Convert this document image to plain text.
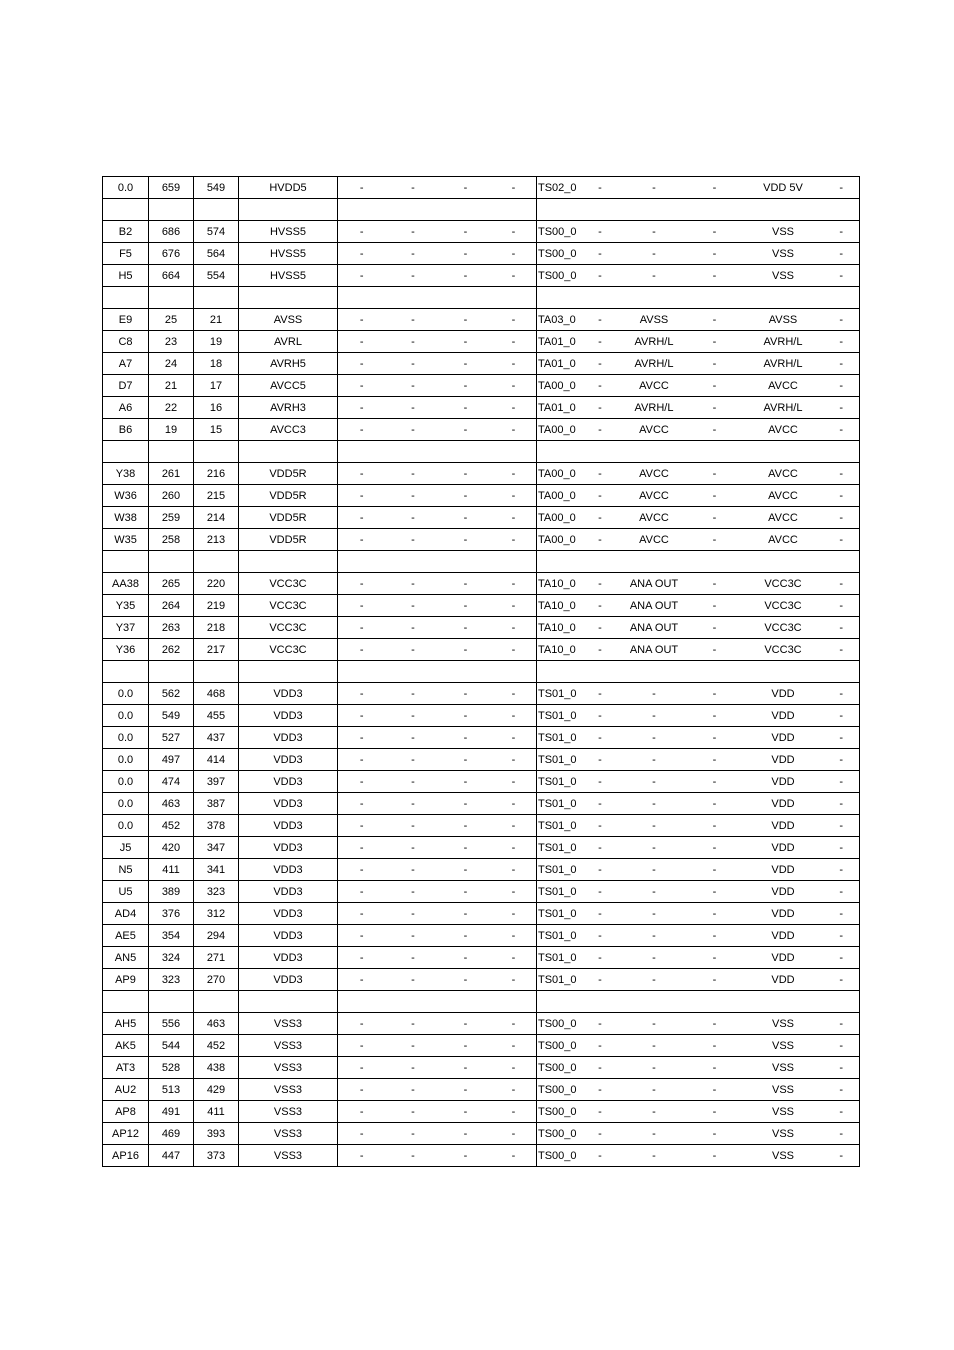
0.0	659	549	HVDD5	-	-	-	-		TS02_0	-	-	-	VDD 5V	-

B2	686	574	HVSS5	-	-	-	-		TS00_0	-	-	-	VSS	-
F5	676	564	HVSS5	-	-	-	-		TS00_0	-	-	-	VSS	-
H5	664	554	HVSS5	-	-	-	-		TS00_0	-	-	-	VSS	-

E9	25	21	AVSS	-	-	-	-		TA03_0	-	AVSS	-	AVSS	-
C8	23	19	AVRL	-	-	-	-		TA01_0	-	AVRH/L	-	AVRH/L	-
A7	24	18	AVRH5	-	-	-	-		TA01_0	-	AVRH/L	-	AVRH/L	-
D7	21	17	AVCC5	-	-	-	-		TA00_0	-	AVCC	-	AVCC	-
A6	22	16	AVRH3	-	-	-	-		TA01_0	-	AVRH/L	-	AVRH/L	-
B6	19	15	AVCC3	-	-	-	-		TA00_0	-	AVCC	-	AVCC	-

Y38	261	216	VDD5R	-	-	-	-		TA00_0	-	AVCC	-	AVCC	-
W36	260	215	VDD5R	-	-	-	-		TA00_0	-	AVCC	-	AVCC	-
W38	259	214	VDD5R	-	-	-	-		TA00_0	-	AVCC	-	AVCC	-
W35	258	213	VDD5R	-	-	-	-		TA00_0	-	AVCC	-	AVCC	-

AA38	265	220	VCC3C	-	-	-	-		TA10_0	-	ANA OUT	-	VCC3C	-
Y35	264	219	VCC3C	-	-	-	-		TA10_0	-	ANA OUT	-	VCC3C	-
Y37	263	218	VCC3C	-	-	-	-		TA10_0	-	ANA OUT	-	VCC3C	-
Y36	262	217	VCC3C	-	-	-	-		TA10_0	-	ANA OUT	-	VCC3C	-

0.0	562	468	VDD3	-	-	-	-		TS01_0	-	-	-	VDD	-
0.0	549	455	VDD3	-	-	-	-		TS01_0	-	-	-	VDD	-
0.0	527	437	VDD3	-	-	-	-		TS01_0	-	-	-	VDD	-
0.0	497	414	VDD3	-	-	-	-		TS01_0	-	-	-	VDD	-
0.0	474	397	VDD3	-	-	-	-		TS01_0	-	-	-	VDD	-
0.0	463	387	VDD3	-	-	-	-		TS01_0	-	-	-	VDD	-
0.0	452	378	VDD3	-	-	-	-		TS01_0	-	-	-	VDD	-
J5	420	347	VDD3	-	-	-	-		TS01_0	-	-	-	VDD	-
N5	411	341	VDD3	-	-	-	-		TS01_0	-	-	-	VDD	-
U5	389	323	VDD3	-	-	-	-		TS01_0	-	-	-	VDD	-
AD4	376	312	VDD3	-	-	-	-		TS01_0	-	-	-	VDD	-
AE5	354	294	VDD3	-	-	-	-		TS01_0	-	-	-	VDD	-
AN5	324	271	VDD3	-	-	-	-		TS01_0	-	-	-	VDD	-
AP9	323	270	VDD3	-	-	-	-		TS01_0	-	-	-	VDD	-

AH5	556	463	VSS3	-	-	-	-		TS00_0	-	-	-	VSS	-
AK5	544	452	VSS3	-	-	-	-		TS00_0	-	-	-	VSS	-
AT3	528	438	VSS3	-	-	-	-		TS00_0	-	-	-	VSS	-
AU2	513	429	VSS3	-	-	-	-		TS00_0	-	-	-	VSS	-
AP8	491	411	VSS3	-	-	-	-		TS00_0	-	-	-	VSS	-
AP12	469	393	VSS3	-	-	-	-		TS00_0	-	-	-	VSS	-
AP16	447	373	VSS3	-	-	-	-		TS00_0	-	-	-	VSS	-
